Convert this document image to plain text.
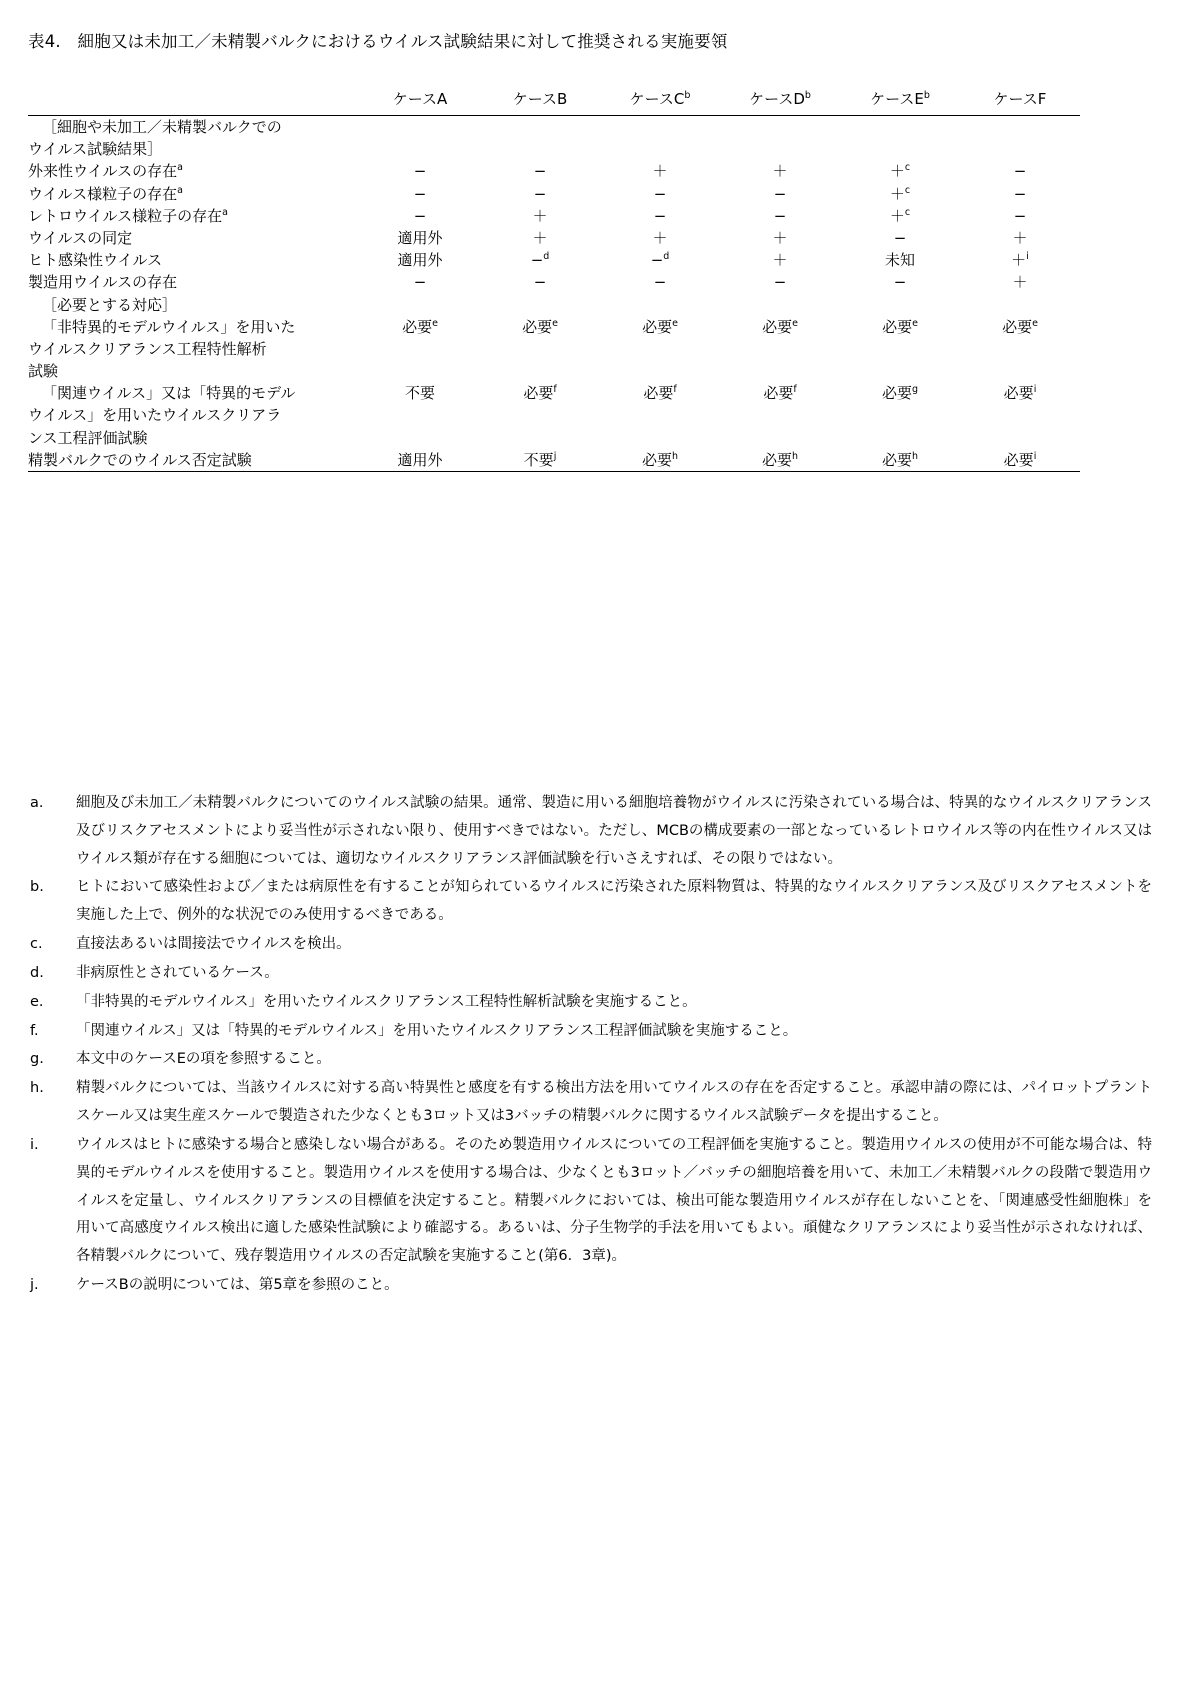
表4.　細胞又は未加工／未精製バルクにおけるウイルス試験結果に対して推奨される実施要領
	ケースA	ケースB	ケース$C^b$	ケース$D^b$	ケース$E^b$	ケースF
［細胞や未加工／未精製バルクでの
ウイルス試験結果］						
外来性ウイルスの存在$^a$	−	−	＋	＋	＋$^c$	−
ウイルス様粒子の存在$^a$	−	−	−	−	＋$^c$	−
レトロウイルス様粒子の存在$^a$	−	＋	−	−	＋$^c$	−
ウイルスの同定	適用外	＋	＋	＋	−	＋
ヒト感染性ウイルス	適用外	−$^d$	−$^d$	＋	未知	＋$^i$
製造用ウイルスの存在	−	−	−	−	−	＋
［必要とする対応］						
「非特異的モデルウイルス」を用いた
ウイルスクリアランス工程特性解析
試験	必要$^e$	必要$^e$	必要$^e$	必要$^e$	必要$^e$	必要$^e$
「関連ウイルス」又は「特異的モデル
ウイルス」を用いたウイルスクリアラ
ンス工程評価試験	不要	必要$^f$	必要$^f$	必要$^f$	必要$^g$	必要$^i$
精製バルクでのウイルス否定試験	適用外	不要$^j$	必要$^h$	必要$^h$	必要$^h$	必要$^i$
a.	細胞及び未加工／未精製バルクについてのウイルス試験の結果。通常、製造に用いる細胞培養物がウイルスに汚染されている場合は、特異的なウイルスクリアランス及びリスクアセスメントにより妥当性が示されない限り、使用すべきではない。ただし、MCBの構成要素の一部となっているレトロウイルス等の内在性ウイルス又はウイルス類が存在する細胞については、適切なウイルスクリアランス評価試験を行いさえすれば、その限りではない。
b.	ヒトにおいて感染性および／または病原性を有することが知られているウイルスに汚染された原料物質は、特異的なウイルスクリアランス及びリスクアセスメントを実施した上で、例外的な状況でのみ使用するべきである。
c.	直接法あるいは間接法でウイルスを検出。
d.	非病原性とされているケース。
e.	「非特異的モデルウイルス」を用いたウイルスクリアランス工程特性解析試験を実施すること。
f.	「関連ウイルス」又は「特異的モデルウイルス」を用いたウイルスクリアランス工程評価試験を実施すること。
g.	本文中のケースEの項を参照すること。
h.	精製バルクについては、当該ウイルスに対する高い特異性と感度を有する検出方法を用いてウイルスの存在を否定すること。承認申請の際には、パイロットプラントスケール又は実生産スケールで製造された少なくとも3ロット又は3バッチの精製バルクに関するウイルス試験データを提出すること。
i.	ウイルスはヒトに感染する場合と感染しない場合がある。そのため製造用ウイルスについての工程評価を実施すること。製造用ウイルスの使用が不可能な場合は、特異的モデルウイルスを使用すること。製造用ウイルスを使用する場合は、少なくとも3ロット／バッチの細胞培養を用いて、未加工／未精製バルクの段階で製造用ウイルスを定量し、ウイルスクリアランスの目標値を決定すること。精製バルクにおいては、検出可能な製造用ウイルスが存在しないことを、「関連感受性細胞株」を用いて高感度ウイルス検出に適した感染性試験により確認する。あるいは、分子生物学的手法を用いてもよい。頑健なクリアランスにより妥当性が示されなければ、各精製バルクについて、残存製造用ウイルスの否定試験を実施すること(第6．3章)。
j.	ケースBの説明については、第5章を参照のこと。
